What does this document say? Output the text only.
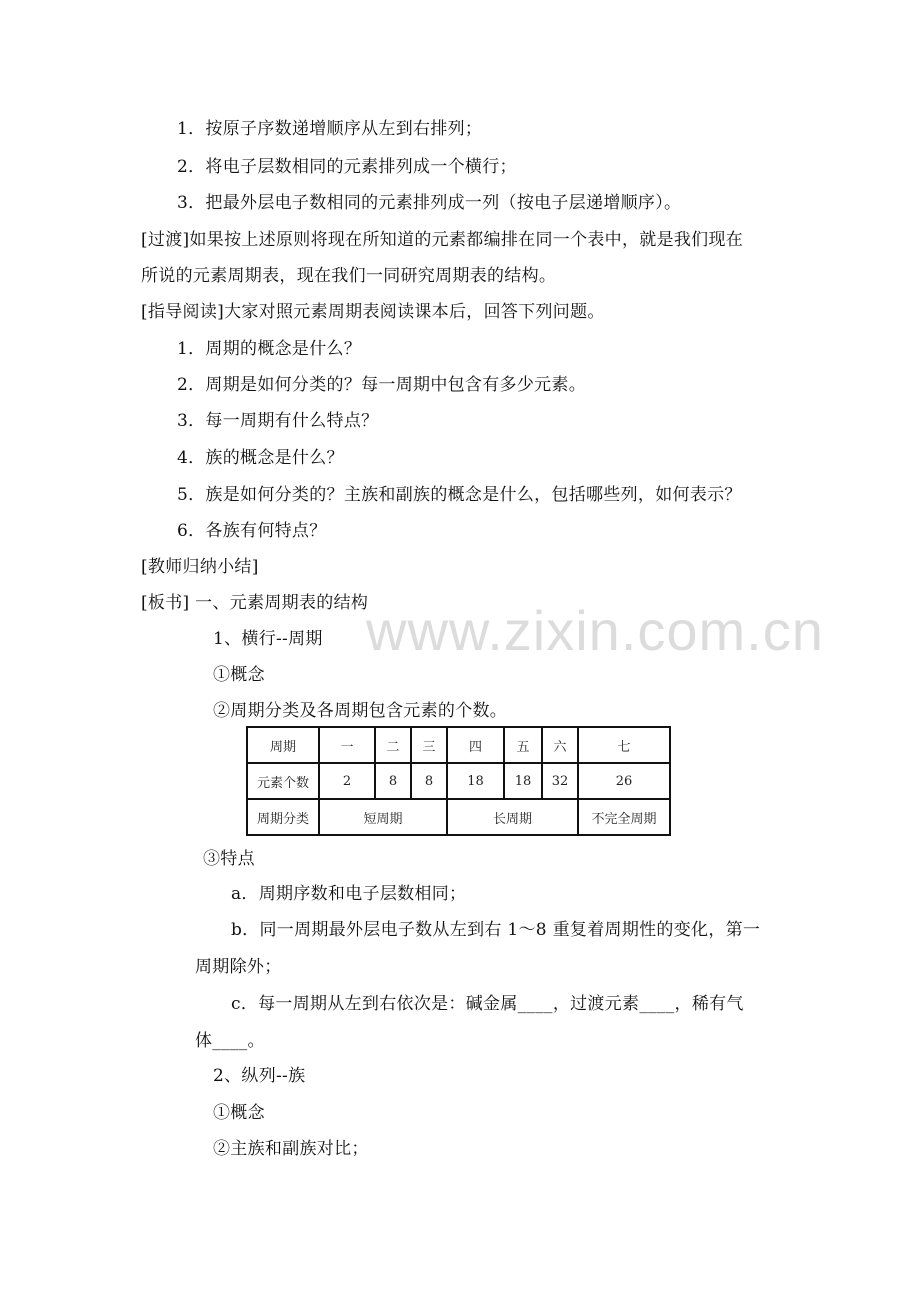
www.zixin.com.cn
1．按原子序数递增顺序从左到右排列；
2．将电子层数相同的元素排列成一个横行；
3．把最外层电子数相同的元素排列成一列（按电子层递增顺序）。
[过渡]如果按上述原则将现在所知道的元素都编排在同一个表中，就是我们现在
所说的元素周期表，现在我们一同研究周期表的结构。
[指导阅读]大家对照元素周期表阅读课本后，回答下列问题。
1．周期的概念是什么？
2．周期是如何分类的？每一周期中包含有多少元素。
3．每一周期有什么特点？
4．族的概念是什么？
5．族是如何分类的？主族和副族的概念是什么，包括哪些列，如何表示？
6．各族有何特点？
[教师归纳小结]
[板书] 一、元素周期表的结构
1、横行--周期
①概念
②周期分类及各周期包含元素的个数。
周期	一	二	三	四	五	六	七
元素个数	2	8	8	18	18	32	26
周期分类	短周期			长周期			不完全周期
③特点
a．周期序数和电子层数相同；
b．同一周期最外层电子数从左到右 1～8 重复着周期性的变化，第一
周期除外；
c．每一周期从左到右依次是：碱金属____，过渡元素____，稀有气
体____。
2、纵列--族
①概念
②主族和副族对比；
